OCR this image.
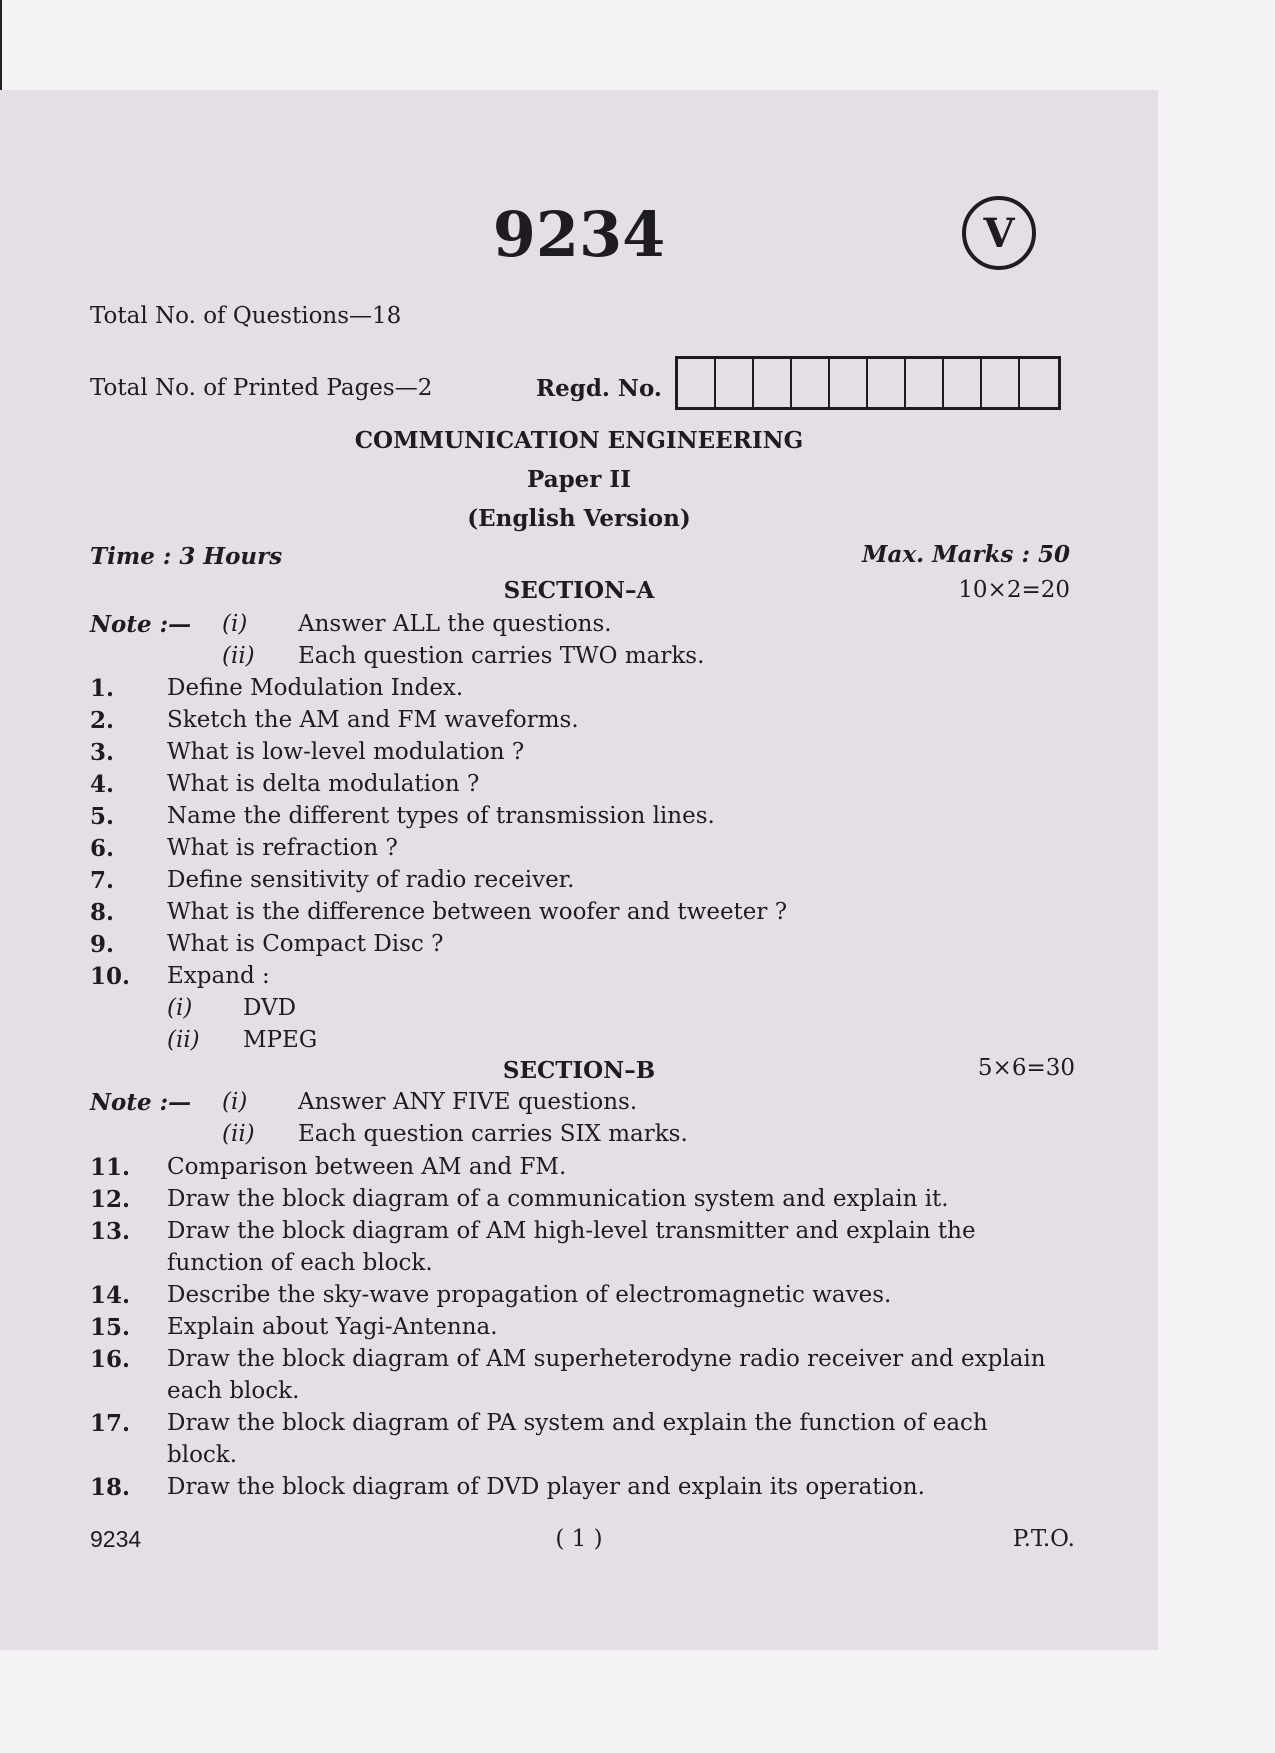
9234	V
Total No. of Questions—18
Total No. of Printed Pages—2	Regd. No.
COMMUNICATION ENGINEERING
Paper II
(English Version)
Time : 3 Hours	Max. Marks : 50
SECTION–A	10×2=20
Note :— (i) Answer ALL the questions.
(ii) Each question carries TWO marks.
1. Define Modulation Index.
2. Sketch the AM and FM waveforms.
3. What is low-level modulation ?
4. What is delta modulation ?
5. Name the different types of transmission lines.
6. What is refraction ?
7. Define sensitivity of radio receiver.
8. What is the difference between woofer and tweeter ?
9. What is Compact Disc ?
10. Expand :
(i) DVD
(ii) MPEG
SECTION–B	5×6=30
Note :— (i) Answer ANY FIVE questions.
(ii) Each question carries SIX marks.
11. Comparison between AM and FM.
12. Draw the block diagram of a communication system and explain it.
13. Draw the block diagram of AM high-level transmitter and explain the
function of each block.
14. Describe the sky-wave propagation of electromagnetic waves.
15. Explain about Yagi-Antenna.
16. Draw the block diagram of AM superheterodyne radio receiver and explain
each block.
17. Draw the block diagram of PA system and explain the function of each
block.
18. Draw the block diagram of DVD player and explain its operation.
9234	( 1 )	P.T.O.
